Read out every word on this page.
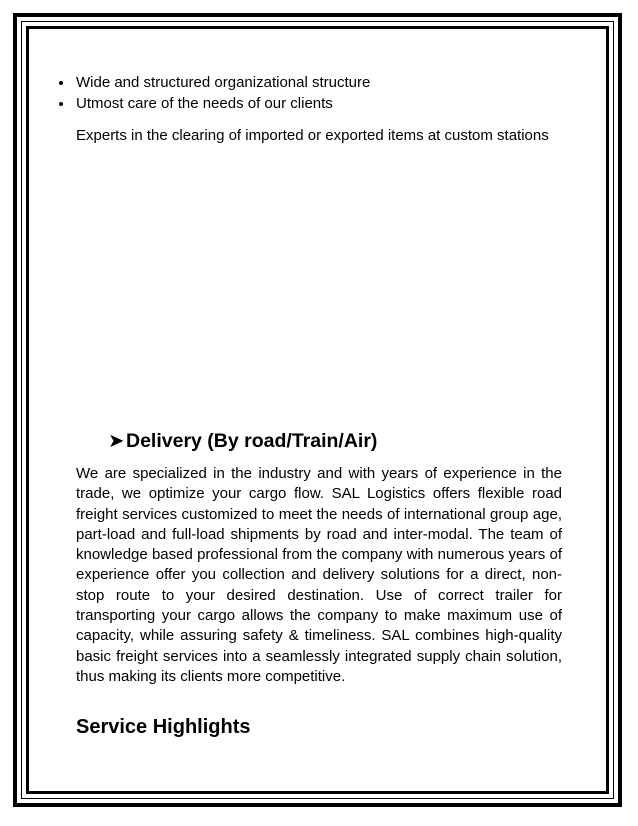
Wide and structured organizational structure
Utmost care of the needs of our clients

Experts in the clearing of imported or exported items at custom stations

➤Delivery (By road/Train/Air)

We are specialized in the industry and with years of experience in the trade, we optimize your cargo flow. SAL Logistics offers flexible road freight services customized to meet the needs of international group age, part-load and full-load shipments by road and inter-modal. The team of knowledge based professional from the company with numerous years of experience offer you collection and delivery solutions for a direct, non-stop route to your desired destination. Use of correct trailer for transporting your cargo allows the company to make maximum use of capacity, while assuring safety & timeliness. SAL combines high-quality basic freight services into a seamlessly integrated supply chain solution, thus making its clients more competitive.

Service Highlights
